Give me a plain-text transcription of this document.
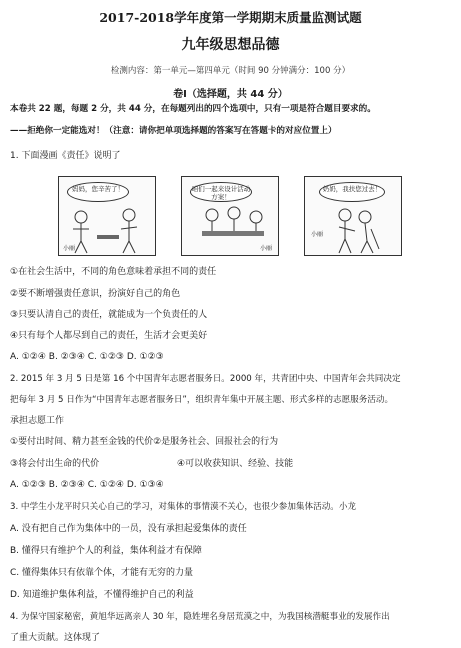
2017-2018学年度第一学期期末质量监测试题
九年级思想品德
检测内容：第一单元—第四单元（时间 90 分钟满分：100 分）
卷Ⅰ（选择题，共 44 分）
本卷共 22 题，每题 2 分，共 44 分，在每题列出的四个选项中，只有一项是符合题目要求的。
——拒绝你一定能选对！（注意：请你把单项选择题的答案写在答题卡的对应位置上）
1. 下面漫画《责任》说明了
妈妈，您辛苦了！
小丽
咱们一起来设计活动方案！
小丽
奶奶，我扶您过去！
小丽
①在社会生活中，不同的角色意味着承担不同的责任
②要不断增强责任意识，扮演好自己的角色
③只要认清自己的责任，就能成为一个负责任的人
④只有每个人都尽到自己的责任，生活才会更美好
A. ①②④ B. ②③④ C. ①②③ D. ①②③
2. 2015 年 3 月 5 日是第 16 个中国青年志愿者服务日。2000 年，共青团中央、中国青年会共同决定
把每年 3 月 5 日作为“中国青年志愿者服务日”，组织青年集中开展主题、形式多样的志愿服务活动。
承担志愿工作
①要付出时间、精力甚至金钱的代价②是服务社会、回报社会的行为
③将会付出生命的代价	④可以收获知识、经验、技能
A. ①②③ B. ②③④ C. ①②④ D. ①③④
3. 中学生小龙平时只关心自己的学习，对集体的事情漠不关心，也很少参加集体活动。小龙
A. 没有把自己作为集体中的一员，没有承担起爱集体的责任
B. 懂得只有维护个人的利益，集体利益才有保障
C. 懂得集体只有依靠个体，才能有无穷的力量
D. 知道维护集体利益，不懂得维护自己的利益
4. 为保守国家秘密，黄旭华远离亲人 30 年，隐姓埋名身居荒漠之中，为我国核潜艇事业的发展作出
了重大贡献。这体现了
